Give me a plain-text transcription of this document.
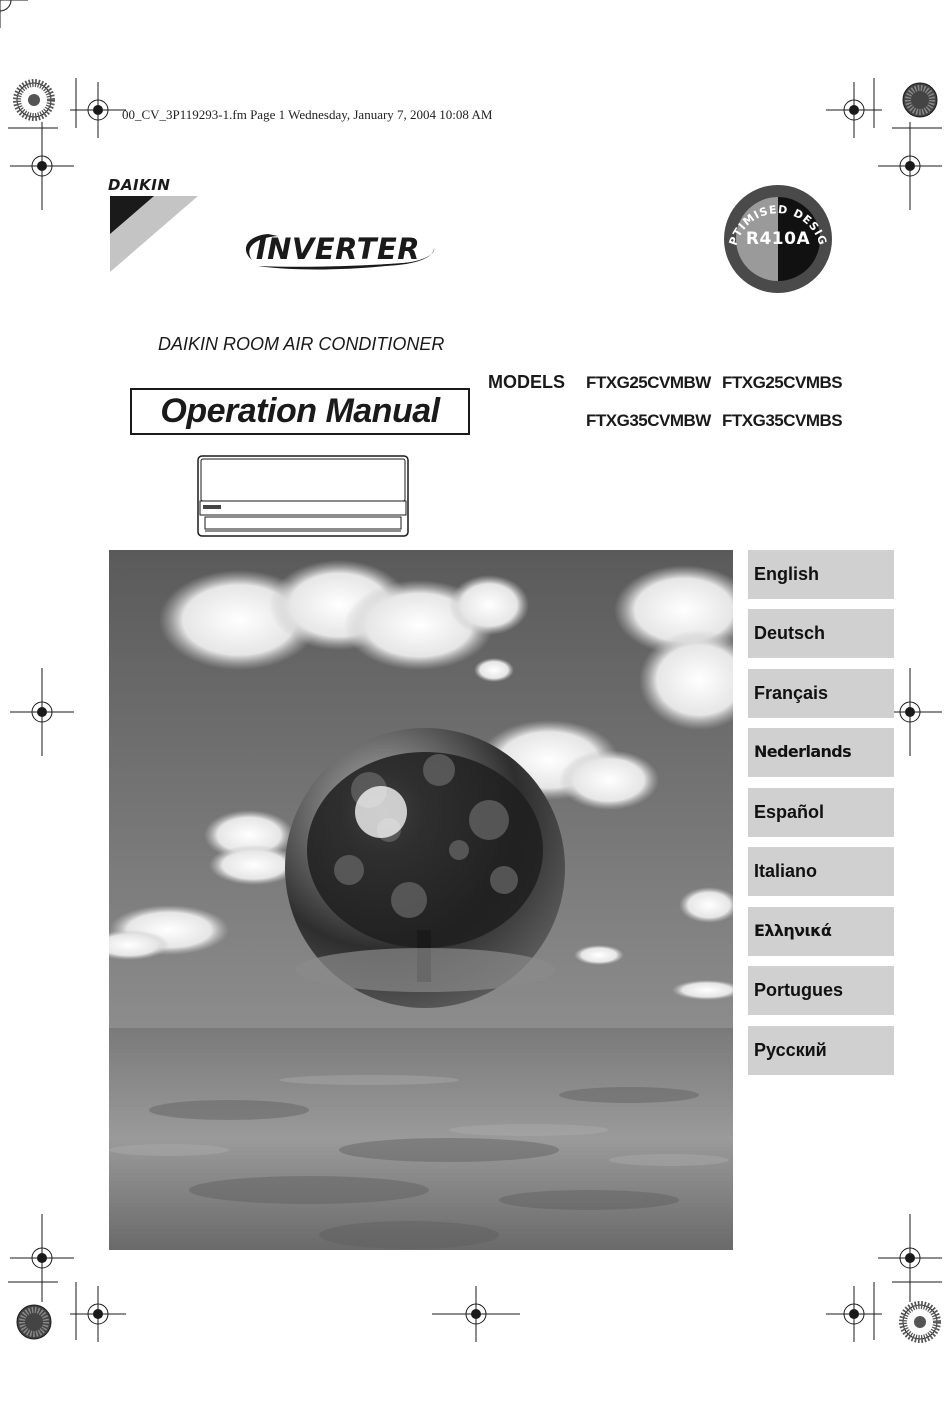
00_CV_3P119293-1.fm Page 1 Wednesday, January 7, 2004 10:08 AM
DAIKIN
INVERTER	PTIMISED DESIG
R410A
DAIKIN ROOM AIR CONDITIONER
Operation Manual
MODELS FTXG25CVMBW FTXG25CVMBS
FTXG35CVMBW FTXG35CVMBS
English
Deutsch
Français
Nederlands
Español
Italiano
Ελληνικά
Portugues
Русский
